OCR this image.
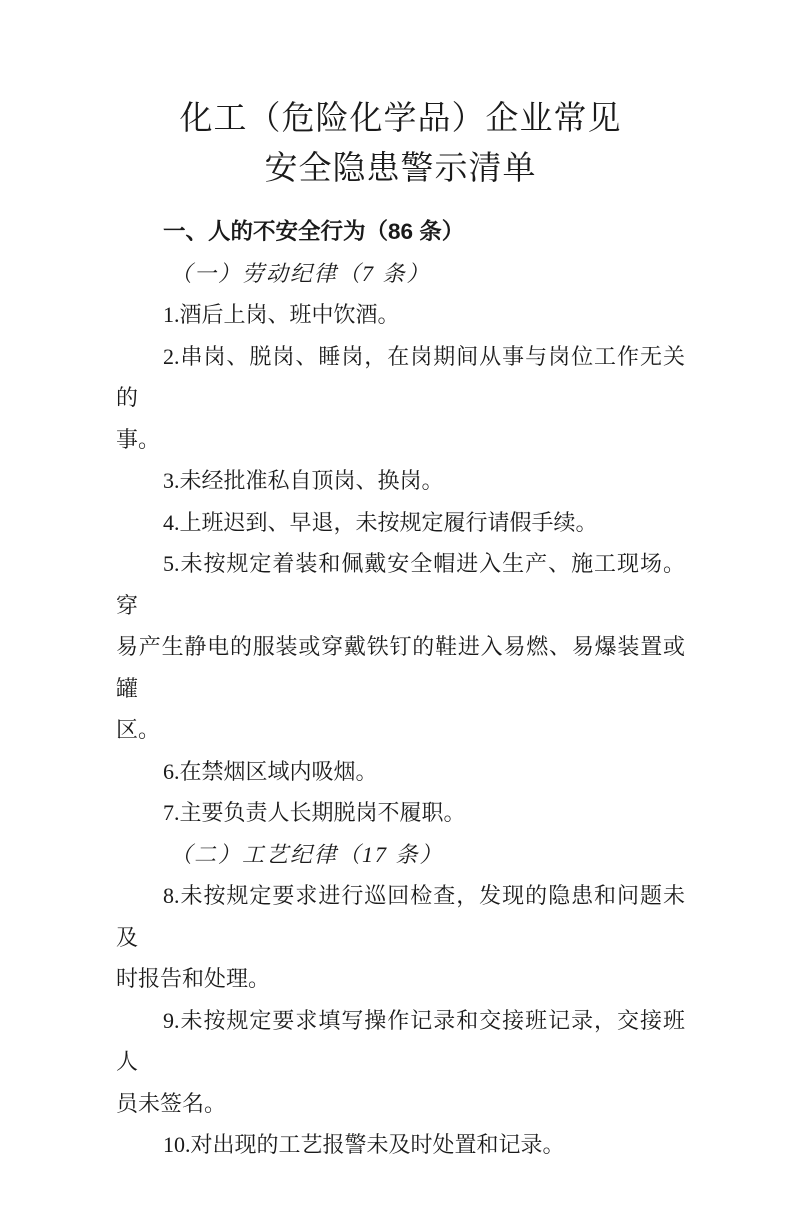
化工（危险化学品）企业常见
安全隐患警示清单
一、人的不安全行为（86 条）
（一）劳动纪律（7 条）
1.酒后上岗、班中饮酒。
2.串岗、脱岗、睡岗，在岗期间从事与岗位工作无关的
事。
3.未经批准私自顶岗、换岗。
4.上班迟到、早退，未按规定履行请假手续。
5.未按规定着装和佩戴安全帽进入生产、施工现场。穿
易产生静电的服装或穿戴铁钉的鞋进入易燃、易爆装置或罐
区。
6.在禁烟区域内吸烟。
7.主要负责人长期脱岗不履职。
（二）工艺纪律（17 条）
8.未按规定要求进行巡回检查，发现的隐患和问题未及
时报告和处理。
9.未按规定要求填写操作记录和交接班记录，交接班人
员未签名。
10.对出现的工艺报警未及时处置和记录。
